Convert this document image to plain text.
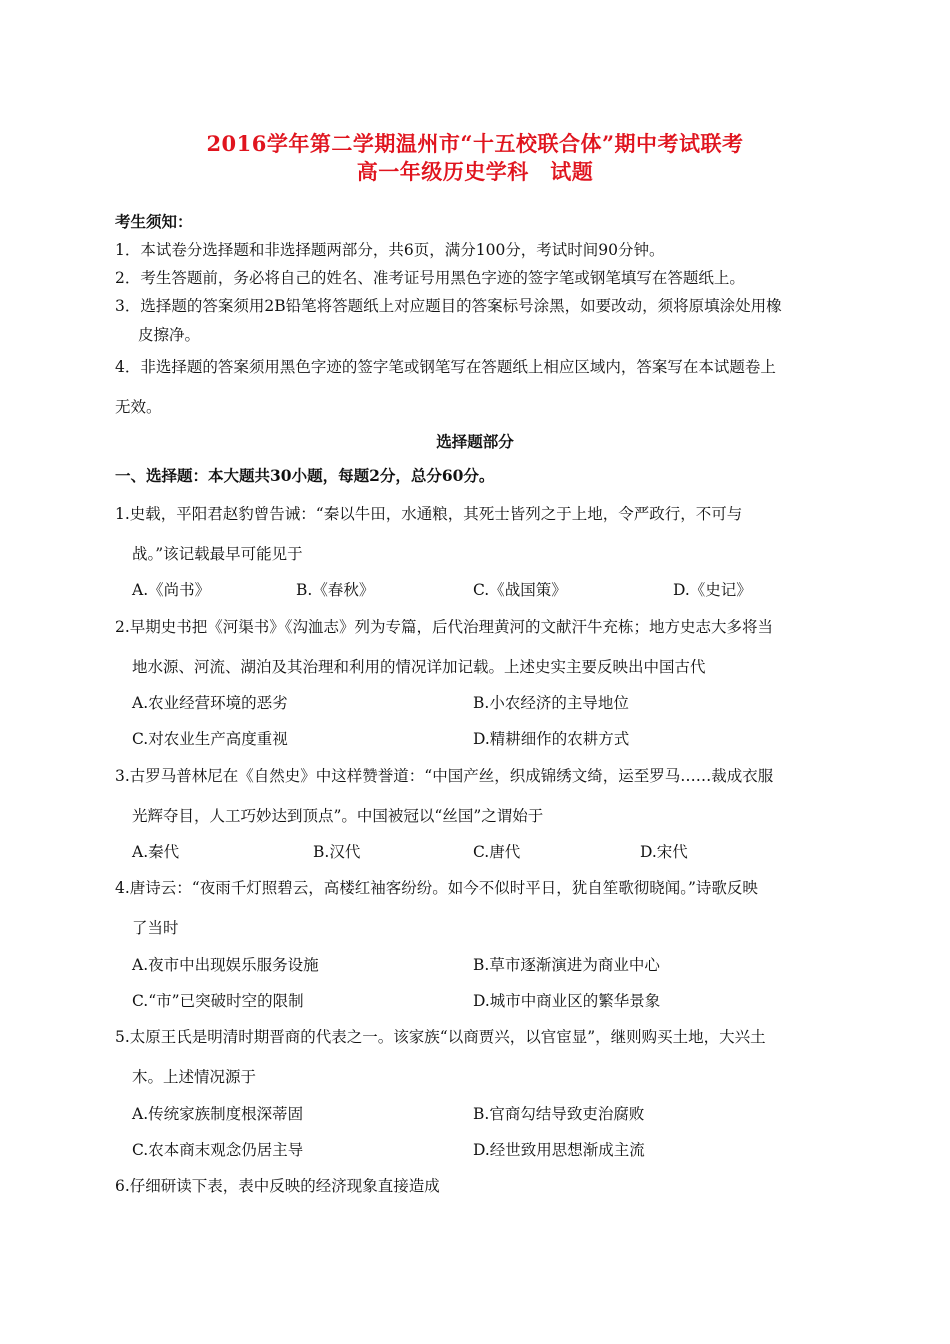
2016学年第二学期温州市“十五校联合体”期中考试联考
高一年级历史学科　试题
考生须知：
1．本试卷分选择题和非选择题两部分，共6页，满分100分，考试时间90分钟。
2．考生答题前，务必将自己的姓名、准考证号用黑色字迹的签字笔或钢笔填写在答题纸上。
3．选择题的答案须用2B铅笔将答题纸上对应题目的答案标号涂黑，如要改动，须将原填涂处用橡
皮擦净。
4．非选择题的答案须用黑色字迹的签字笔或钢笔写在答题纸上相应区域内，答案写在本试题卷上
无效。
选择题部分
一、选择题：本大题共30小题，每题2分，总分60分。
1.史载，平阳君赵豹曾告诫：“秦以牛田，水通粮，其死士皆列之于上地，令严政行，不可与
战。”该记载最早可能见于
A.《尚书》	B.《春秋》	C.《战国策》	D.《史记》
2.早期史书把《河渠书》《沟洫志》列为专篇，后代治理黄河的文献汗牛充栋；地方史志大多将当
地水源、河流、湖泊及其治理和利用的情况详加记载。上述史实主要反映出中国古代
A.农业经营环境的恶劣	B.小农经济的主导地位
C.对农业生产高度重视	D.精耕细作的农耕方式
3.古罗马普林尼在《自然史》中这样赞誉道：“中国产丝，织成锦绣文绮，运至罗马……裁成衣服
光辉夺目，人工巧妙达到顶点”。中国被冠以“丝国”之谓始于
A.秦代	B.汉代	C.唐代	D.宋代
4.唐诗云：“夜雨千灯照碧云，高楼红袖客纷纷。如今不似时平日，犹自笙歌彻晓闻。”诗歌反映
了当时
A.夜市中出现娱乐服务设施	B.草市逐渐演进为商业中心
C.“市”已突破时空的限制	D.城市中商业区的繁华景象
5.太原王氏是明清时期晋商的代表之一。该家族“以商贾兴，以官宦显”，继则购买土地，大兴土
木。上述情况源于
A.传统家族制度根深蒂固	B.官商勾结导致吏治腐败
C.农本商末观念仍居主导	D.经世致用思想渐成主流
6.仔细研读下表，表中反映的经济现象直接造成
